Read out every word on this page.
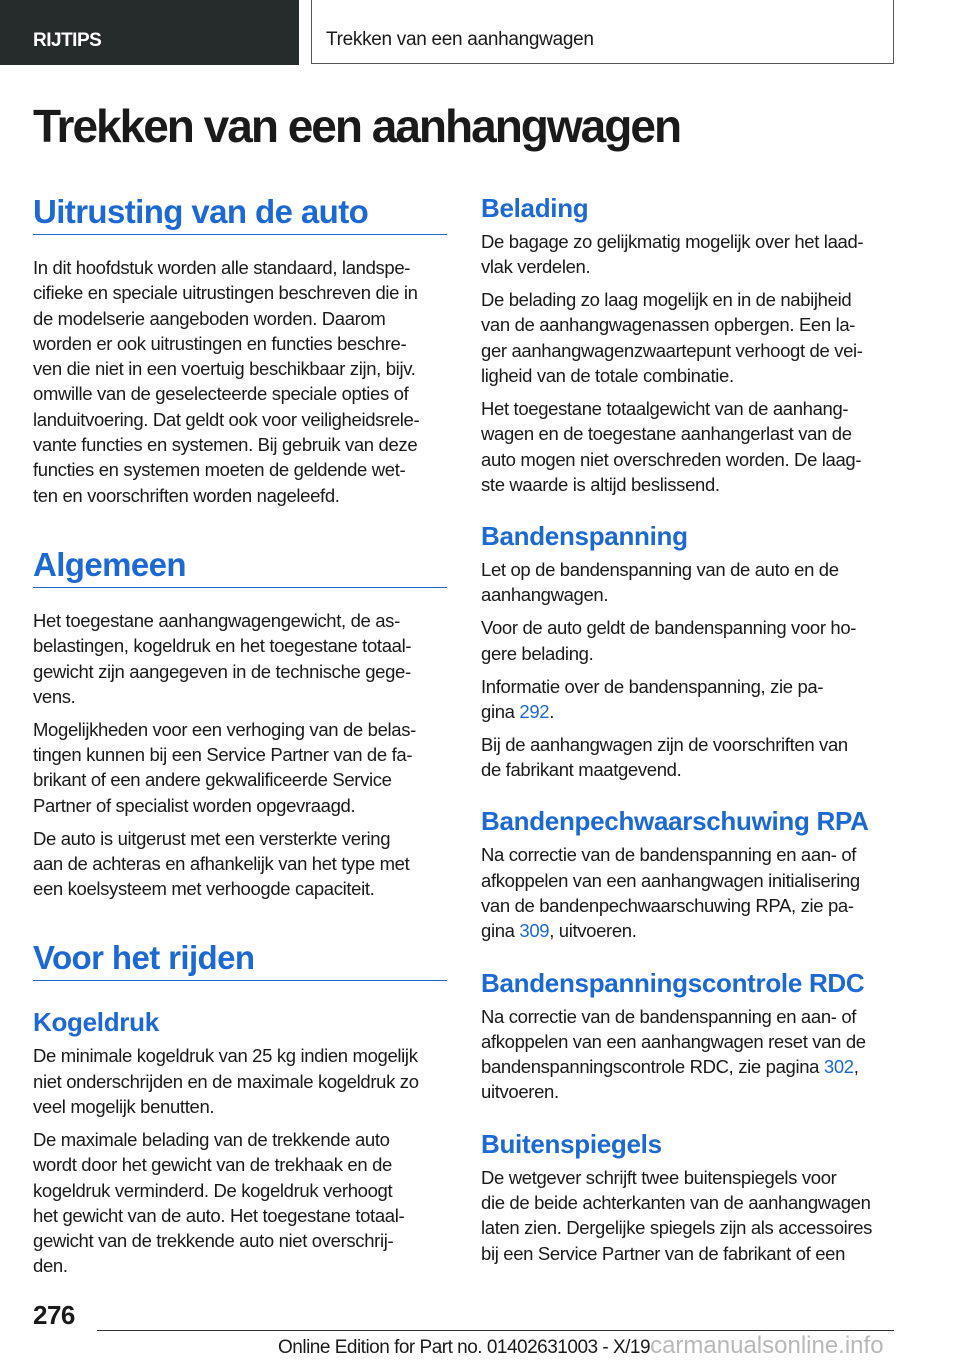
RIJTIPS	Trekken van een aanhangwagen
Trekken van een aanhangwagen
Uitrusting van de auto
In dit hoofdstuk worden alle standaard, landspe-
cifieke en speciale uitrustingen beschreven die in
de modelserie aangeboden worden. Daarom
worden er ook uitrustingen en functies beschre-
ven die niet in een voertuig beschikbaar zijn, bijv.
omwille van de geselecteerde speciale opties of
landuitvoering. Dat geldt ook voor veiligheidsrele-
vante functies en systemen. Bij gebruik van deze
functies en systemen moeten de geldende wet-
ten en voorschriften worden nageleefd.
Algemeen
Het toegestane aanhangwagengewicht, de as-
belastingen, kogeldruk en het toegestane totaal-
gewicht zijn aangegeven in de technische gege-
vens.
Mogelijkheden voor een verhoging van de belas-
tingen kunnen bij een Service Partner van de fa-
brikant of een andere gekwalificeerde Service
Partner of specialist worden opgevraagd.
De auto is uitgerust met een versterkte vering
aan de achteras en afhankelijk van het type met
een koelsysteem met verhoogde capaciteit.
Voor het rijden
Kogeldruk
De minimale kogeldruk van 25 kg indien mogelijk
niet onderschrijden en de maximale kogeldruk zo
veel mogelijk benutten.
De maximale belading van de trekkende auto
wordt door het gewicht van de trekhaak en de
kogeldruk verminderd. De kogeldruk verhoogt
het gewicht van de auto. Het toegestane totaal-
gewicht van de trekkende auto niet overschrij-
den.
Belading
De bagage zo gelijkmatig mogelijk over het laad-
vlak verdelen.
De belading zo laag mogelijk en in de nabijheid
van de aanhangwagenassen opbergen. Een la-
ger aanhangwagenzwaartepunt verhoogt de vei-
ligheid van de totale combinatie.
Het toegestane totaalgewicht van de aanhang-
wagen en de toegestane aanhangerlast van de
auto mogen niet overschreden worden. De laag-
ste waarde is altijd beslissend.
Bandenspanning
Let op de bandenspanning van de auto en de
aanhangwagen.
Voor de auto geldt de bandenspanning voor ho-
gere belading.
Informatie over de bandenspanning, zie pa-
gina 292.
Bij de aanhangwagen zijn de voorschriften van
de fabrikant maatgevend.
Bandenpechwaarschuwing RPA
Na correctie van de bandenspanning en aan- of
afkoppelen van een aanhangwagen initialisering
van de bandenpechwaarschuwing RPA, zie pa-
gina 309, uitvoeren.
Bandenspanningscontrole RDC
Na correctie van de bandenspanning en aan- of
afkoppelen van een aanhangwagen reset van de
bandenspanningscontrole RDC, zie pagina 302,
uitvoeren.
Buitenspiegels
De wetgever schrijft twee buitenspiegels voor
die de beide achterkanten van de aanhangwagen
laten zien. Dergelijke spiegels zijn als accessoires
bij een Service Partner van de fabrikant of een
276
Online Edition for Part no. 01402631003 - X/19carmanualsonline.info
